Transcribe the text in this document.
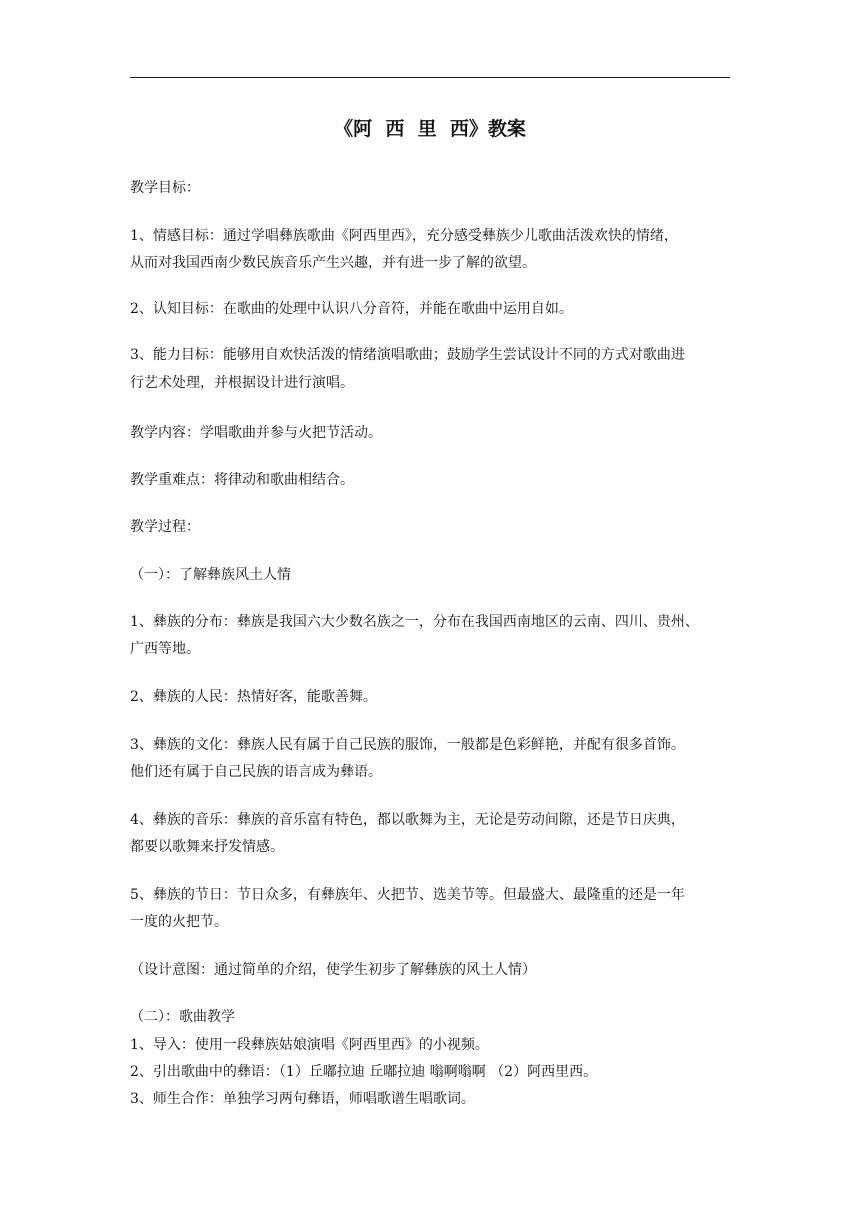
《阿  西  里  西》教案
教学目标：
1、情感目标：通过学唱彝族歌曲《阿西里西》，充分感受彝族少儿歌曲活泼欢快的情绪，
从而对我国西南少数民族音乐产生兴趣，并有进一步了解的欲望。
2、认知目标：在歌曲的处理中认识八分音符，并能在歌曲中运用自如。
3、能力目标：能够用自欢快活泼的情绪演唱歌曲；鼓励学生尝试设计不同的方式对歌曲进
行艺术处理，并根据设计进行演唱。
教学内容：学唱歌曲并参与火把节活动。
教学重难点：将律动和歌曲相结合。
教学过程：
（一）：了解彝族风土人情
1、彝族的分布：彝族是我国六大少数名族之一，分布在我国西南地区的云南、四川、贵州、
广西等地。
2、彝族的人民：热情好客，能歌善舞。
3、彝族的文化：彝族人民有属于自己民族的服饰，一般都是色彩鲜艳，并配有很多首饰。
他们还有属于自己民族的语言成为彝语。
4、彝族的音乐：彝族的音乐富有特色，都以歌舞为主，无论是劳动间隙，还是节日庆典，
都要以歌舞来抒发情感。
5、彝族的节日：节日众多，有彝族年、火把节、选美节等。但最盛大、最隆重的还是一年
一度的火把节。
（设计意图：通过简单的介绍，使学生初步了解彝族的风土人情）
（二）：歌曲教学
1、导入：使用一段彝族姑娘演唱《阿西里西》的小视频。
2、引出歌曲中的彝语：（1）丘嘟拉迪 丘嘟拉迪 嗡啊嗡啊 （2）阿西里西。
3、师生合作：单独学习两句彝语，师唱歌谱生唱歌词。
